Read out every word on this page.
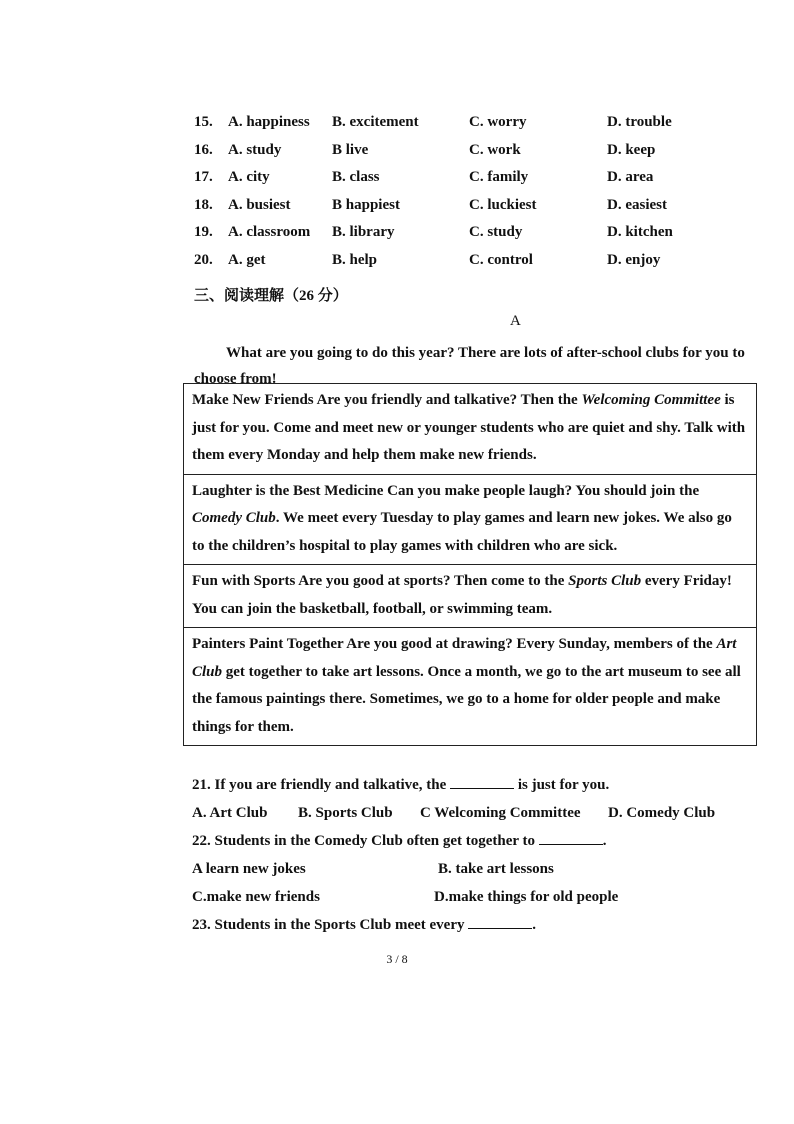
15. A. happiness B. excitement	C. worry	D. trouble
16. A. study	B live	C. work	D. keep
17. A. city	B. class	C. family	D. area
18. A. busiest	B happiest	C. luckiest	D. easiest
19. A. classroom B. library	C. study	D. kitchen
20. A. get	B. help	C. control	D. enjoy
三、阅读理解（26 分）
A
What are you going to do this year? There are lots of after-school clubs for you to choose from!
Make New Friends Are you friendly and talkative? Then the Welcoming Committee is just for you. Come and meet new or younger students who are quiet and shy. Talk with them every Monday and help them make new friends.
Laughter is the Best Medicine Can you make people laugh? You should join the Comedy Club. We meet every Tuesday to play games and learn new jokes. We also go to the children’s hospital to play games with children who are sick.
Fun with Sports Are you good at sports? Then come to the Sports Club every Friday! You can join the basketball, football, or swimming team.
Painters Paint Together Are you good at drawing? Every Sunday, members of the Art Club get together to take art lessons. Once a month, we go to the art museum to see all the famous paintings there. Sometimes, we go to a home for older people and make things for them.
21. If you are friendly and talkative, the	is just for you.
A. Art Club B. Sports Club C Welcoming Committee D. Comedy Club
22. Students in the Comedy Club often get together to	.
A learn new jokes	B. take art lessons
C.make new friends	D.make things for old people
23. Students in the Sports Club meet every	.
3 / 8
